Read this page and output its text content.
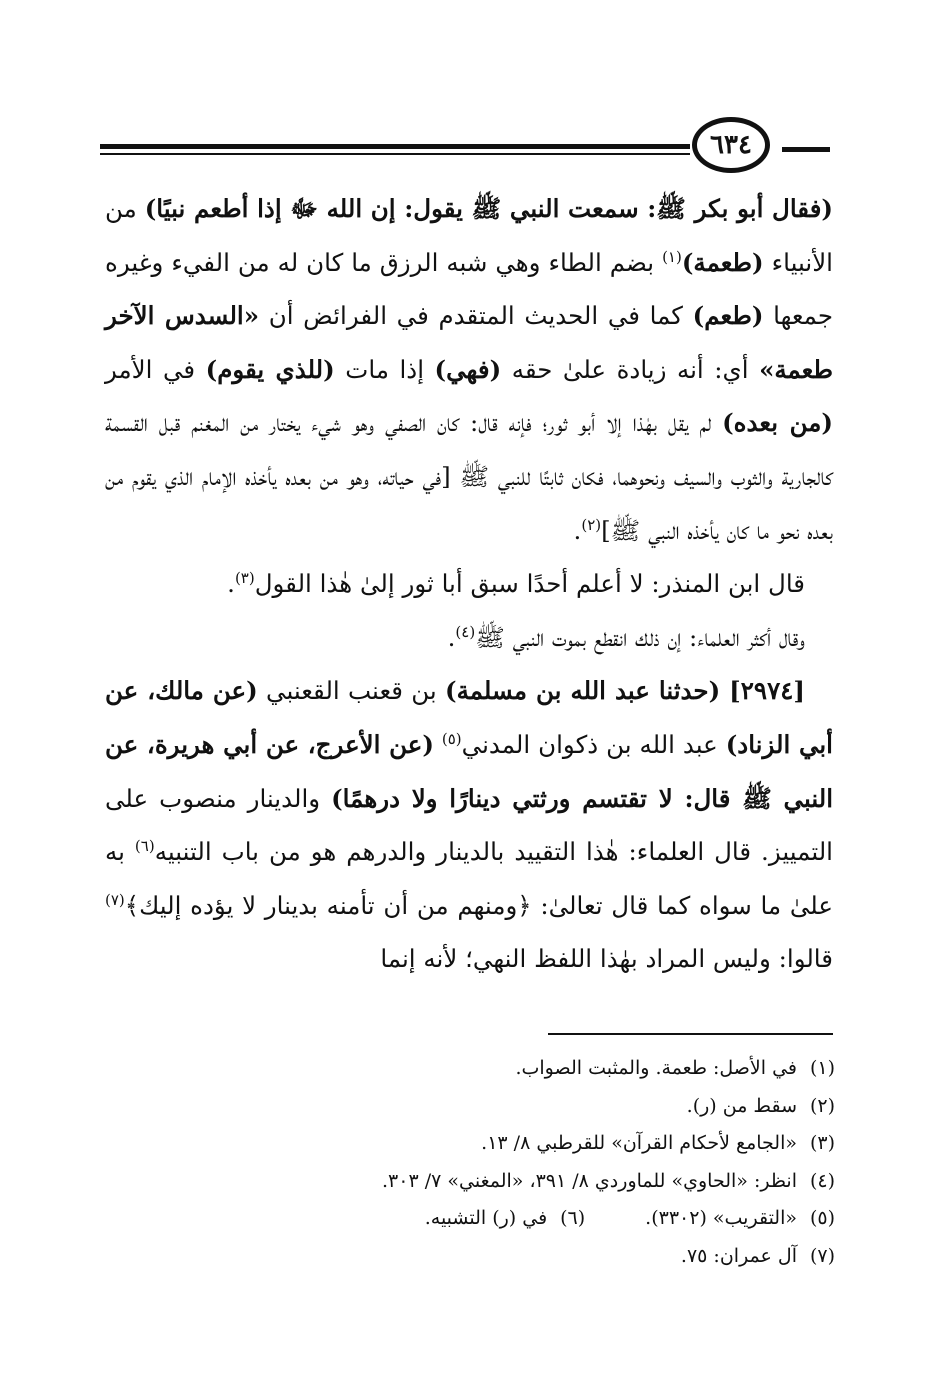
٦٣٤

(فقال أبو بكر ﷺ: سمعت النبي ﷺ يقول: إن الله ﷻ إذا أطعم نبيًا) من الأنبياء (طعمة)$^{(١)}$ بضم الطاء وهي شبه الرزق ما كان له من الفيء وغيره جمعها (طعم) كما في الحديث المتقدم في الفرائض أن «السدس الآخر طعمة» أي: أنه زيادة علىٰ حقه (فهي) إذا مات (للذي يقوم) في الأمر (من بعده) لم يقل بهٰذا إلا أبو ثور؛ فإنه قال: كان الصفي وهو شيء يختار من المغنم قبل القسمة كالجارية والثوب والسيف ونحوهما، فكان ثابتًا للنبي ﷺ [في حياته، وهو من بعده يأخذه الإمام الذي يقوم من بعده نحو ما كان يأخذه النبي ﷺ]$^{(٢)}$.

قال ابن المنذر: لا أعلم أحدًا سبق أبا ثور إلىٰ هٰذا القول$^{(٣)}$.

وقال أكثر العلماء: إن ذلك انقطع بموت النبي ﷺ$^{(٤)}$.

[٢٩٧٤] (حدثنا عبد الله بن مسلمة) بن قعنب القعنبي (عن مالك، عن أبي الزناد) عبد الله بن ذكوان المدني$^{(٥)}$ (عن الأعرج، عن أبي هريرة، عن النبي ﷺ قال: لا تقتسم ورثتي دينارًا ولا درهمًا) والدينار منصوب على التمييز. قال العلماء: هٰذا التقييد بالدينار والدرهم هو من باب التنبيه$^{(٦)}$ به علىٰ ما سواه كما قال تعالىٰ: ﴿ومنهم من أن تأمنه بدينار لا يؤده إليك﴾$^{(٧)}$ قالوا: وليس المراد بهٰذا اللفظ النهي؛ لأنه إنما

(١)في الأصل: طعمة. والمثبت الصواب.
(٢)سقط من (ر).
(٣)«الجامع لأحكام القرآن» للقرطبي ٨/ ١٣.
(٤)انظر: «الحاوي» للماوردي ٨/ ٣٩١، «المغني» ٧/ ٣٠٣.
(٥)«التقريب» (٣٣٠٢).(٦)في (ر) التشبيه.
(٧)آل عمران: ٧٥.
